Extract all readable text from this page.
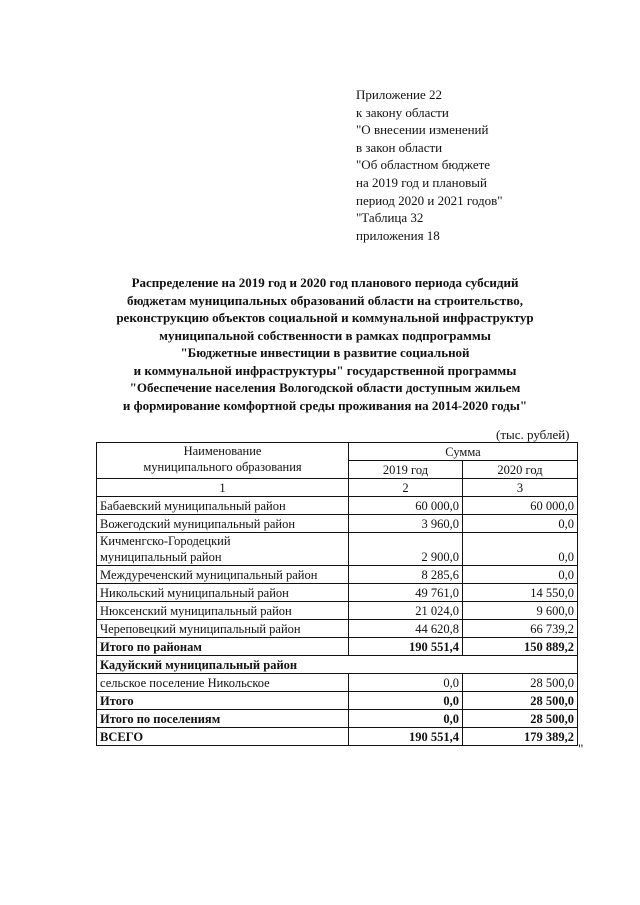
Приложение 22
к закону области
"О внесении изменений
в закон области
"Об областном бюджете
на 2019 год и плановый
период 2020 и 2021 годов"
"Таблица 32
приложения 18
Распределение на 2019 год и 2020 год планового периода субсидий
бюджетам муниципальных образований области на строительство,
реконструкцию объектов социальной и коммунальной инфраструктур
муниципальной собственности в рамках подпрограммы
"Бюджетные инвестиции в развитие социальной
и коммунальной инфраструктуры" государственной программы
"Обеспечение населения Вологодской области доступным жильем
и формирование комфортной среды проживания на 2014-2020 годы"
(тыс. рублей)
Наименование
муниципального образования	Сумма	
	2019 год	2020 год
1	2	3
Бабаевский муниципальный район	60 000,0	60 000,0
Вожегодский муниципальный район	3 960,0	0,0

Кичменгско-Городецкий
муниципальный район	2 900,0	0,0
Междуреченский муниципальный район	8 285,6	0,0
Никольский муниципальный район	49 761,0	14 550,0
Нюксенский муниципальный район	21 024,0	9 600,0
Череповецкий муниципальный район	44 620,8	66 739,2
Итого по районам	190 551,4	150 889,2
Кадуйский муниципальный район		
сельское поселение Никольское	0,0	28 500,0
Итого	0,0	28 500,0
Итого по поселениям	0,0	28 500,0
ВСЕГО	190 551,4	179 389,2
"
